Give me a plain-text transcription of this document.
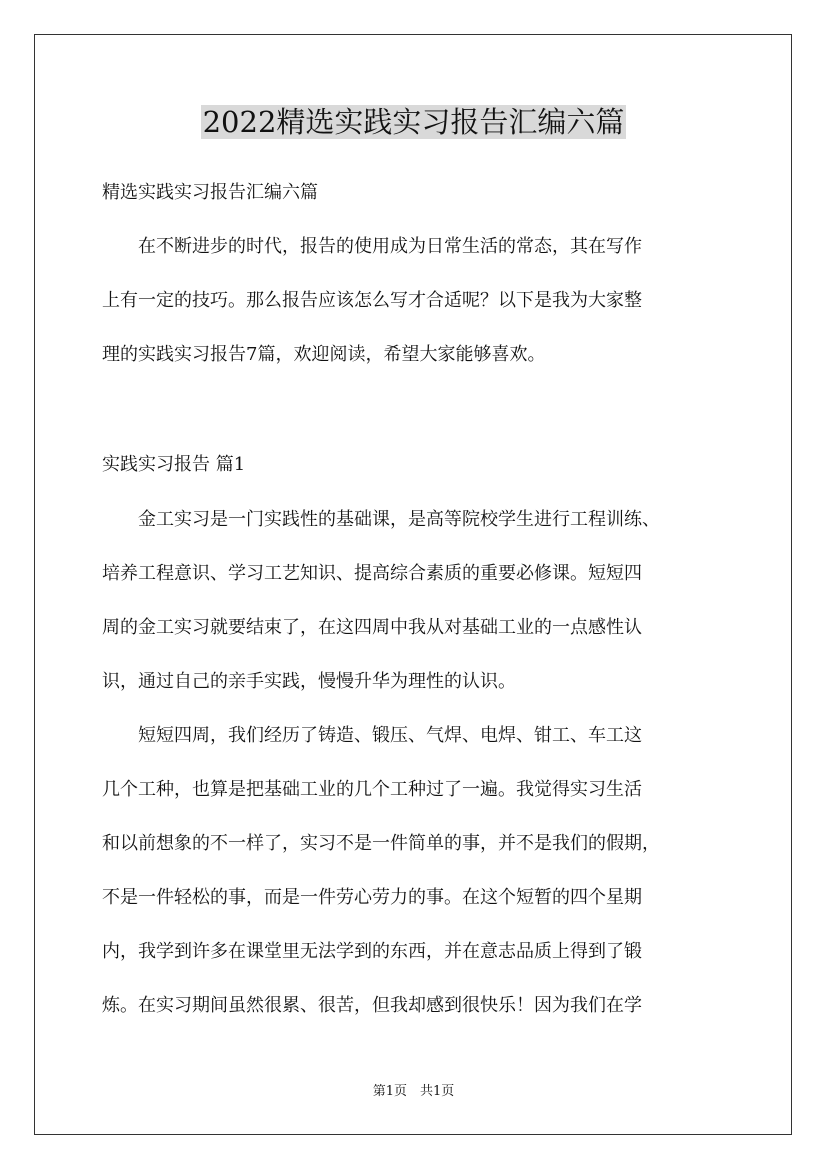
2022精选实践实习报告汇编六篇
精选实践实习报告汇编六篇
　　在不断进步的时代，报告的使用成为日常生活的常态，其在写作
上有一定的技巧。那么报告应该怎么写才合适呢？以下是我为大家整
理的实践实习报告7篇，欢迎阅读，希望大家能够喜欢。
实践实习报告 篇1
　　金工实习是一门实践性的基础课，是高等院校学生进行工程训练、
培养工程意识、学习工艺知识、提高综合素质的重要必修课。短短四
周的金工实习就要结束了，在这四周中我从对基础工业的一点感性认
识，通过自己的亲手实践，慢慢升华为理性的认识。
　　短短四周，我们经历了铸造、锻压、气焊、电焊、钳工、车工这
几个工种，也算是把基础工业的几个工种过了一遍。我觉得实习生活
和以前想象的不一样了，实习不是一件简单的事，并不是我们的假期，
不是一件轻松的事，而是一件劳心劳力的事。在这个短暂的四个星期
内，我学到许多在课堂里无法学到的东西，并在意志品质上得到了锻
炼。在实习期间虽然很累、很苦，但我却感到很快乐！因为我们在学
第1页　共1页
